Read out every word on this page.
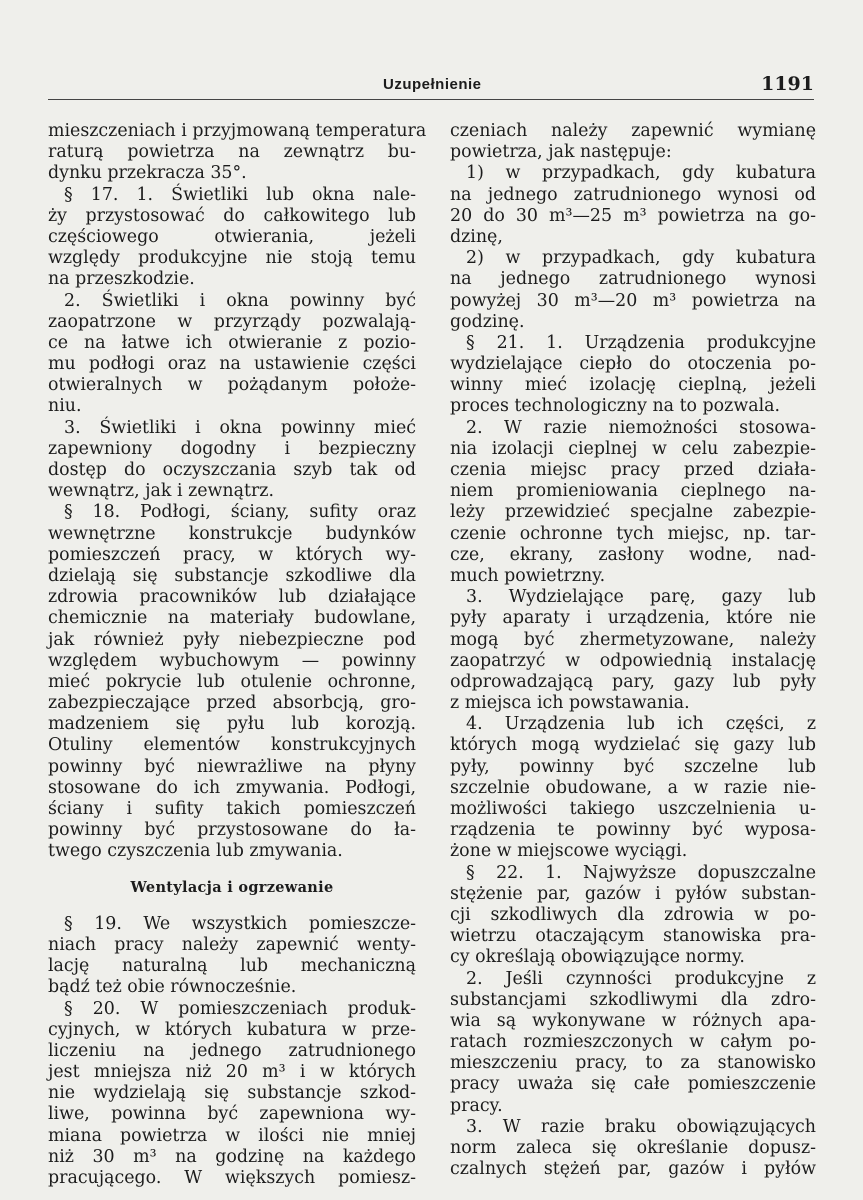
Uzupełnienie	1191
mieszczeniach i przyjmowaną temperatura
raturą powietrza na zewnątrz bu-
dynku przekracza 35°.
§ 17. 1. Świetliki lub okna nale-
ży przystosować do całkowitego lub
częściowego otwierania, jeżeli
względy produkcyjne nie stoją temu
na przeszkodzie.
2. Świetliki i okna powinny być
zaopatrzone w przyrządy pozwalają-
ce na łatwe ich otwieranie z pozio-
mu podłogi oraz na ustawienie części
otwieralnych w pożądanym położe-
niu.
3. Świetliki i okna powinny mieć
zapewniony dogodny i bezpieczny
dostęp do oczyszczania szyb tak od
wewnątrz, jak i zewnątrz.
§ 18. Podłogi, ściany, sufity oraz
wewnętrzne konstrukcje budynków
pomieszczeń pracy, w których wy-
dzielają się substancje szkodliwe dla
zdrowia pracowników lub działające
chemicznie na materiały budowlane,
jak również pyły niebezpieczne pod
względem wybuchowym — powinny
mieć pokrycie lub otulenie ochronne,
zabezpieczające przed absorbcją, gro-
madzeniem się pyłu lub korozją.
Otuliny elementów konstrukcyjnych
powinny być niewrażliwe na płyny
stosowane do ich zmywania. Podłogi,
ściany i sufity takich pomieszczeń
powinny być przystosowane do ła-
twego czyszczenia lub zmywania.
Wentylacja i ogrzewanie
§ 19. We wszystkich pomieszcze-
niach pracy należy zapewnić wenty-
lację naturalną lub mechaniczną
bądź też obie równocześnie.
§ 20. W pomieszczeniach produk-
cyjnych, w których kubatura w prze-
liczeniu na jednego zatrudnionego
jest mniejsza niż 20 m³ i w których
nie wydzielają się substancje szkod-
liwe, powinna być zapewniona wy-
miana powietrza w ilości nie mniej
niż 30 m³ na godzinę na każdego
pracującego. W większych pomiesz-
czeniach należy zapewnić wymianę
powietrza, jak następuje:
1) w przypadkach, gdy kubatura
na jednego zatrudnionego wynosi od
20 do 30 m³—25 m³ powietrza na go-
dzinę,
2) w przypadkach, gdy kubatura
na jednego zatrudnionego wynosi
powyżej 30 m³—20 m³ powietrza na
godzinę.
§ 21. 1. Urządzenia produkcyjne
wydzielające ciepło do otoczenia po-
winny mieć izolację cieplną, jeżeli
proces technologiczny na to pozwala.
2. W razie niemożności stosowa-
nia izolacji cieplnej w celu zabezpie-
czenia miejsc pracy przed działa-
niem promieniowania cieplnego na-
leży przewidzieć specjalne zabezpie-
czenie ochronne tych miejsc, np. tar-
cze, ekrany, zasłony wodne, nad-
much powietrzny.
3. Wydzielające parę, gazy lub
pyły aparaty i urządzenia, które nie
mogą być zhermetyzowane, należy
zaopatrzyć w odpowiednią instalację
odprowadzającą pary, gazy lub pyły
z miejsca ich powstawania.
4. Urządzenia lub ich części, z
których mogą wydzielać się gazy lub
pyły, powinny być szczelne lub
szczelnie obudowane, a w razie nie-
możliwości takiego uszczelnienia u-
rządzenia te powinny być wyposa-
żone w miejscowe wyciągi.
§ 22. 1. Najwyższe dopuszczalne
stężenie par, gazów i pyłów substan-
cji szkodliwych dla zdrowia w po-
wietrzu otaczającym stanowiska pra-
cy określają obowiązujące normy.
2. Jeśli czynności produkcyjne z
substancjami szkodliwymi dla zdro-
wia są wykonywane w różnych apa-
ratach rozmieszczonych w całym po-
mieszczeniu pracy, to za stanowisko
pracy uważa się całe pomieszczenie
pracy.
3. W razie braku obowiązujących
norm zaleca się określanie dopusz-
czalnych stężeń par, gazów i pyłów
